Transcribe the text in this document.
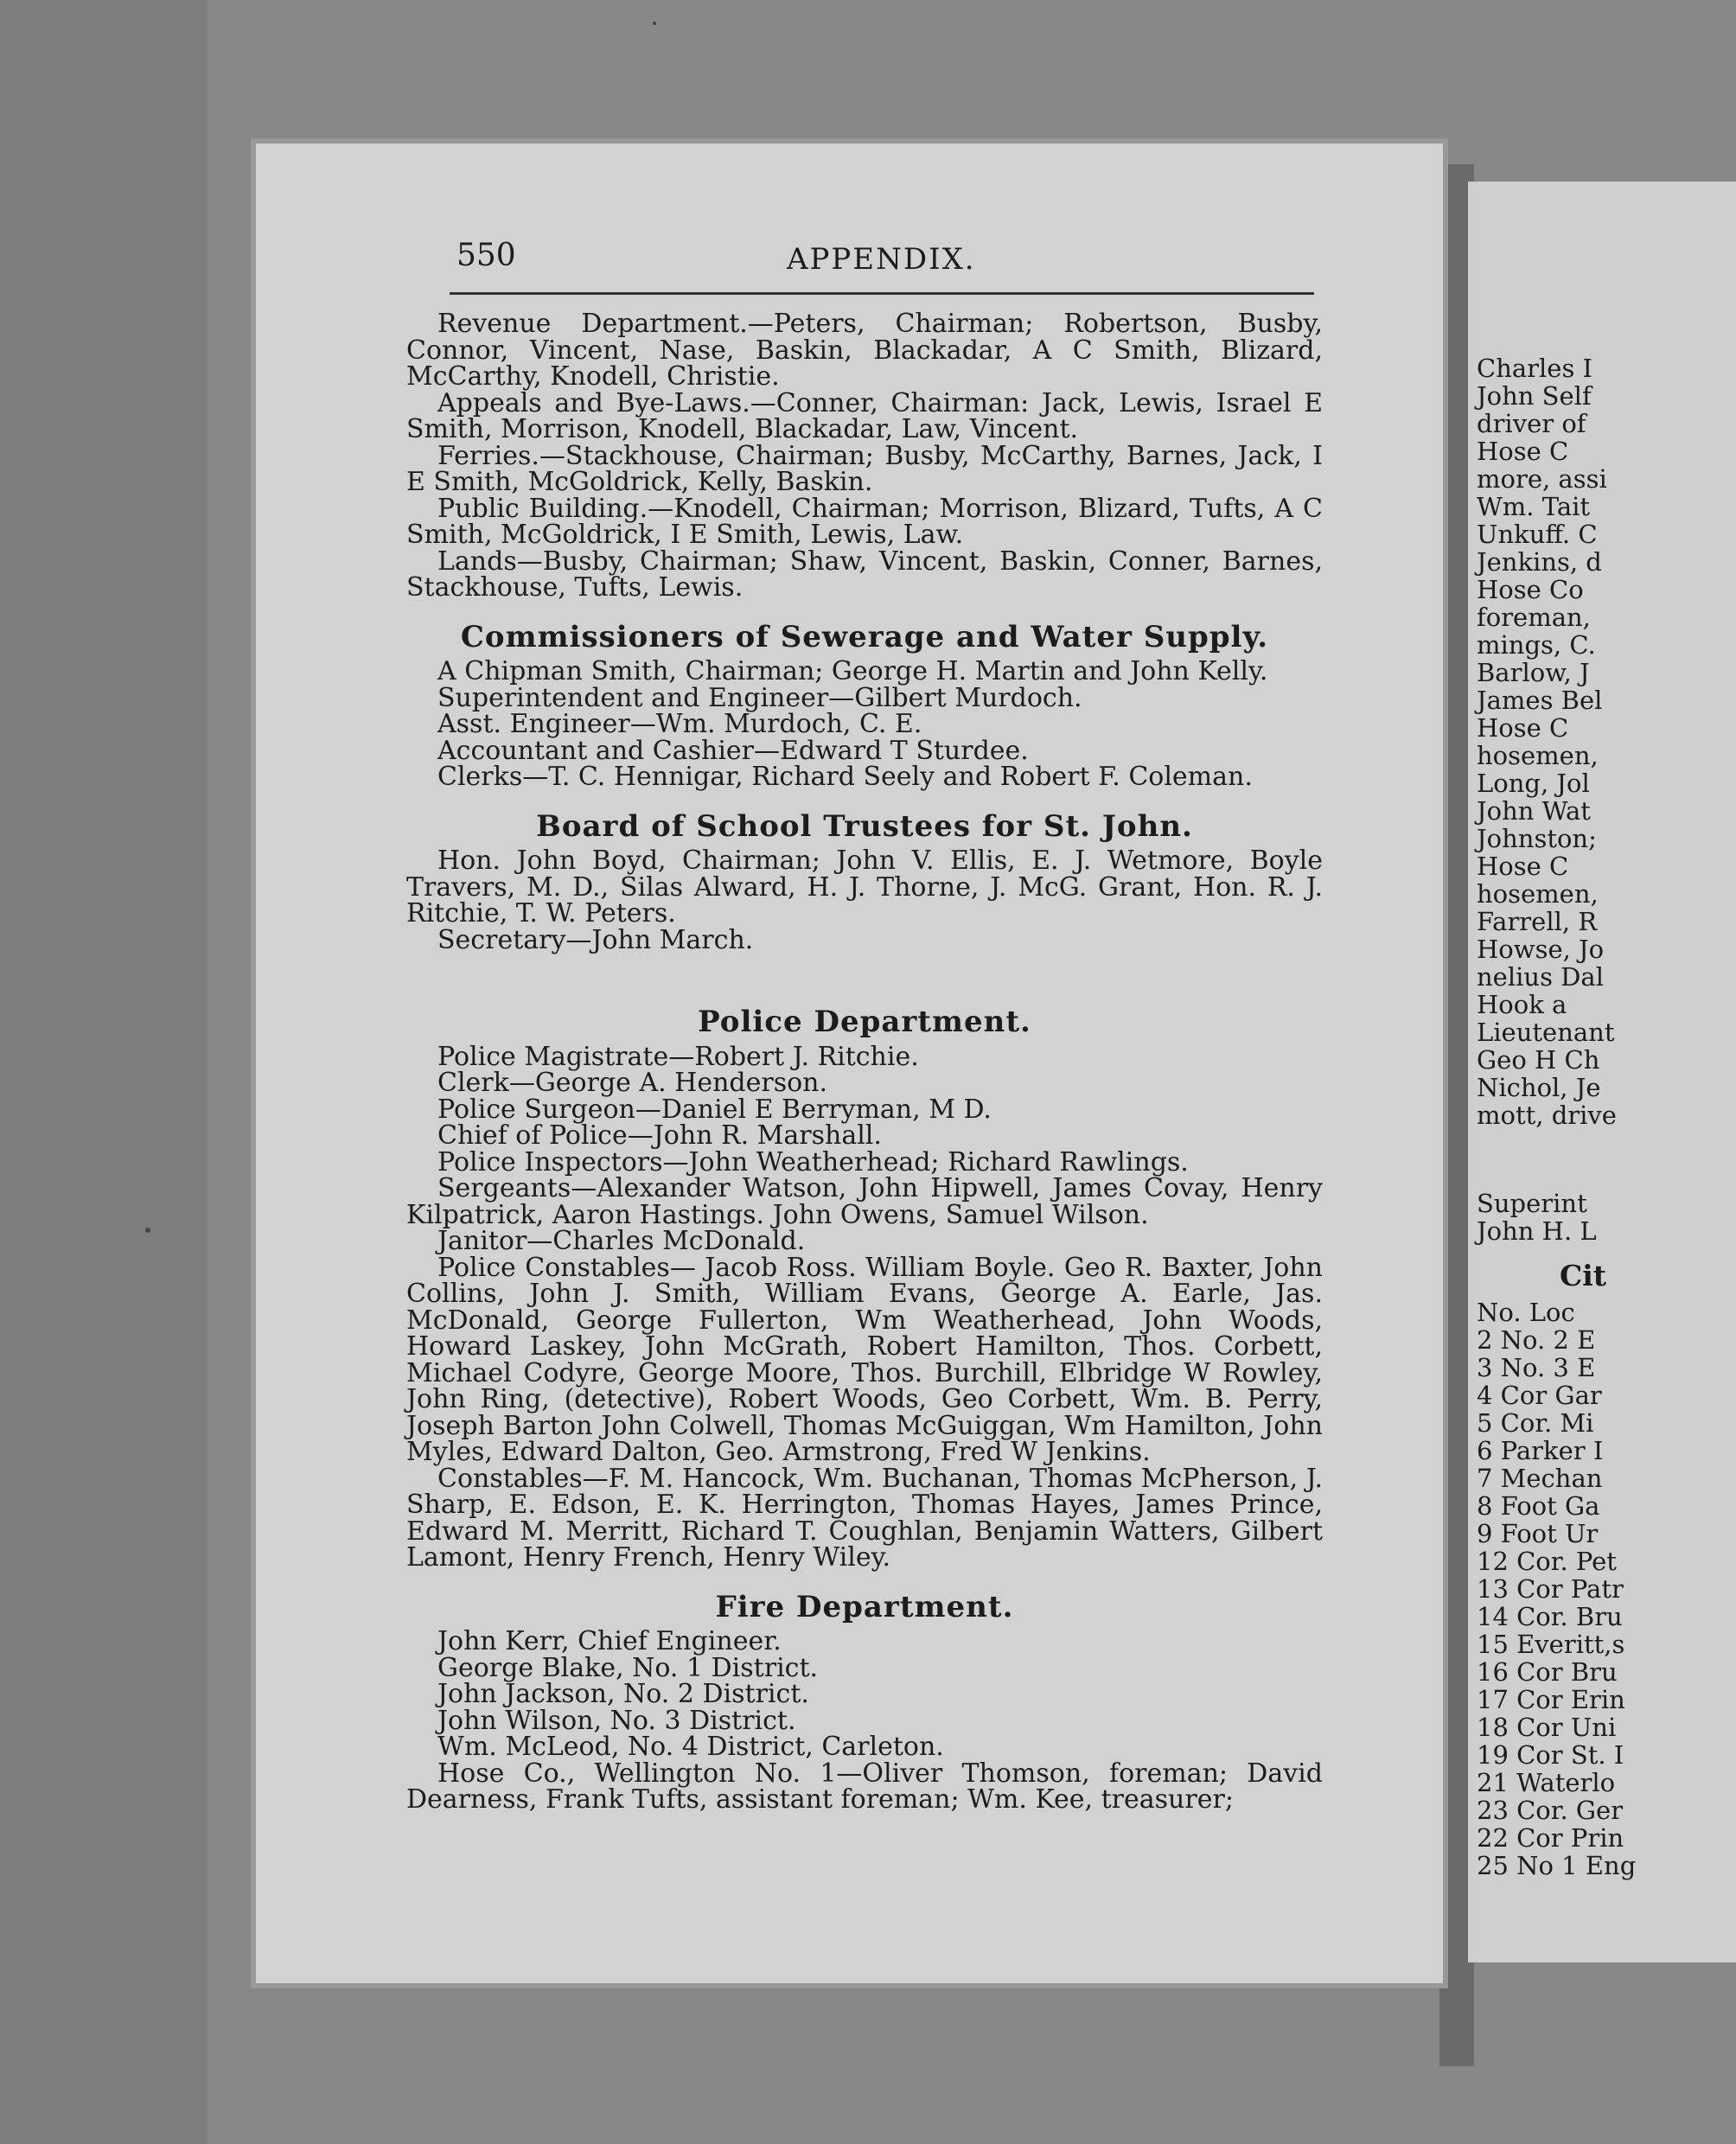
550	APPENDIX.

Revenue Department.—Peters, Chairman; Robertson, Busby, Connor, Vincent, Nase, Baskin, Blackadar, A C Smith, Blizard, McCarthy, Knodell, Christie.

Appeals and Bye-Laws.—Conner, Chairman: Jack, Lewis, Israel E Smith, Morrison, Knodell, Blackadar, Law, Vincent.

Ferries.—Stackhouse, Chairman; Busby, McCarthy, Barnes, Jack, I E Smith, McGoldrick, Kelly, Baskin.

Public Building.—Knodell, Chairman; Morrison, Blizard, Tufts, A C Smith, McGoldrick, I E Smith, Lewis, Law.

Lands—Busby, Chairman; Shaw, Vincent, Baskin, Conner, Barnes, Stackhouse, Tufts, Lewis.

Commissioners of Sewerage and Water Supply.

A Chipman Smith, Chairman; George H. Martin and John Kelly.

Superintendent and Engineer—Gilbert Murdoch.

Asst. Engineer—Wm. Murdoch, C. E.

Accountant and Cashier—Edward T Sturdee.

Clerks—T. C. Hennigar, Richard Seely and Robert F. Coleman.

Board of School Trustees for St. John.

Hon. John Boyd, Chairman; John V. Ellis, E. J. Wetmore, Boyle Travers, M. D., Silas Alward, H. J. Thorne, J. McG. Grant, Hon. R. J. Ritchie, T. W. Peters.

Secretary—John March.

Police Department.

Police Magistrate—Robert J. Ritchie.

Clerk—George A. Henderson.

Police Surgeon—Daniel E Berryman, M D.

Chief of Police—John R. Marshall.

Police Inspectors—John Weatherhead; Richard Rawlings.

Sergeants—Alexander Watson, John Hipwell, James Covay, Henry Kilpatrick, Aaron Hastings. John Owens, Samuel Wilson.

Janitor—Charles McDonald.

Police Constables— Jacob Ross. William Boyle. Geo R. Baxter, John Collins, John J. Smith, William Evans, George A. Earle, Jas. McDonald, George Fullerton, Wm Weatherhead, John Woods, Howard Laskey, John McGrath, Robert Hamilton, Thos. Corbett, Michael Codyre, George Moore, Thos. Burchill, Elbridge W Rowley, John Ring, (detective), Robert Woods, Geo Corbett, Wm. B. Perry, Joseph Barton John Colwell, Thomas McGuiggan, Wm Hamilton, John Myles, Edward Dalton, Geo. Armstrong, Fred W Jenkins.

Constables—F. M. Hancock, Wm. Buchanan, Thomas McPherson, J. Sharp, E. Edson, E. K. Herrington, Thomas Hayes, James Prince, Edward M. Merritt, Richard T. Coughlan, Benjamin Watters, Gilbert Lamont, Henry French, Henry Wiley.

Fire Department.

John Kerr, Chief Engineer.

George Blake, No. 1 District.

John Jackson, No. 2 District.

John Wilson, No. 3 District.

Wm. McLeod, No. 4 District, Carleton.

Hose Co., Wellington No. 1—Oliver Thomson, foreman; David Dearness, Frank Tufts, assistant foreman; Wm. Kee, treasurer;

Charles I
John Self
driver of
Hose C
more, assi
Wm. Tait
Unkuff. C
Jenkins, d
Hose Co
foreman,
mings, C.
Barlow, J
James Bel
Hose C
hosemen,
Long, Jol
John Wat
Johnston;
Hose C
hosemen,
Farrell, R
Howse, Jo
nelius Dal
Hook a
Lieutenant
Geo H Ch
Nichol, Je
mott, drive
Superint
John H. L
Cit
No. Loc
2 No. 2 E
3 No. 3 E
4 Cor Gar
5 Cor. Mi
6 Parker I
7 Mechan
8 Foot Ga
9 Foot Ur
12 Cor. Pet
13 Cor Patr
14 Cor. Bru
15 Everitt,s
16 Cor Bru
17 Cor Erin
18 Cor Uni
19 Cor St. I
21 Waterlo
23 Cor. Ger
22 Cor Prin
25 No 1 Eng
